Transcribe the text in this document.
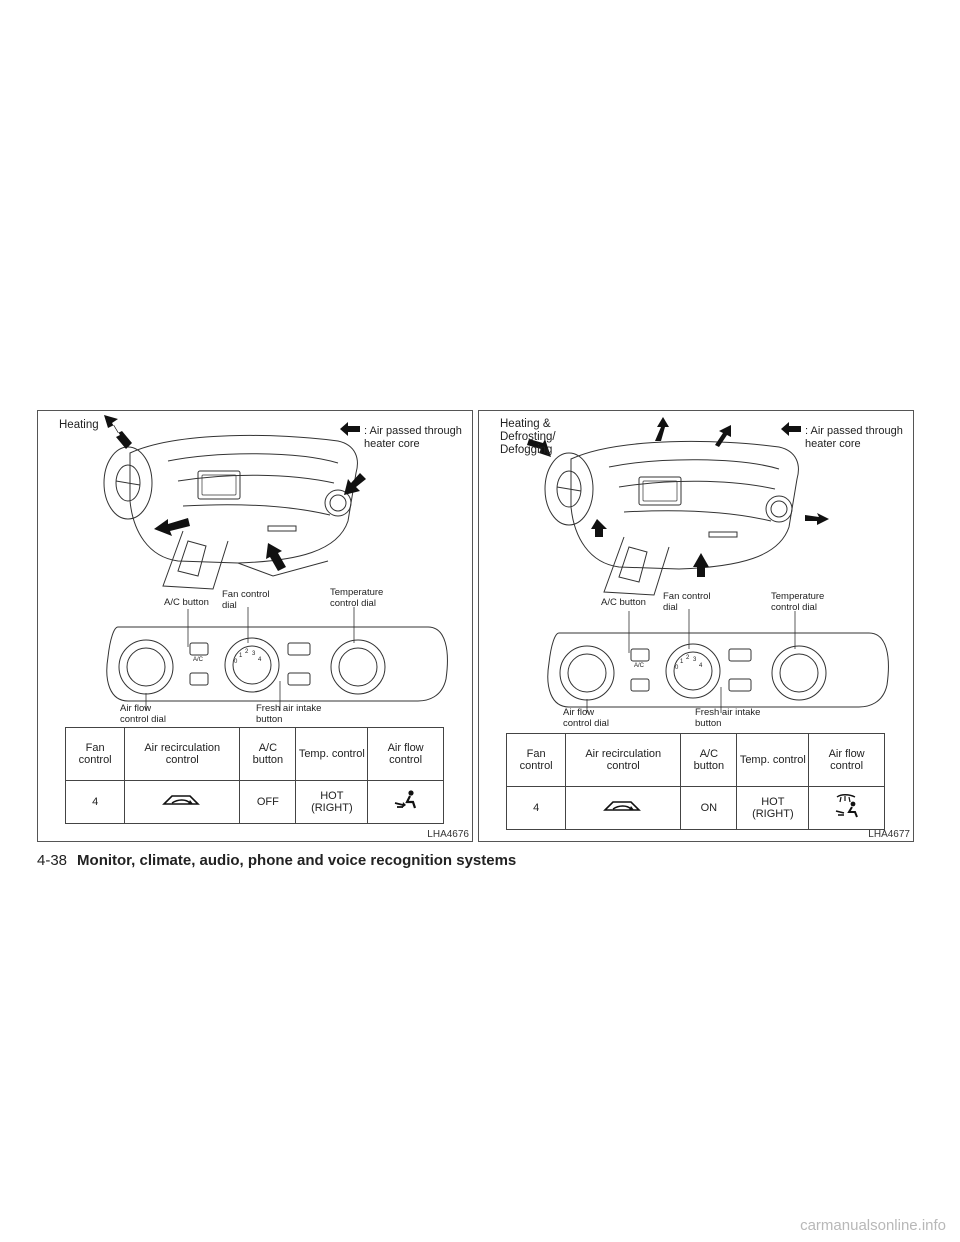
Heating	: Air passed through heater core
A/C button
Fan control dial
Temperature control dial
Air flow control dial
Fresh air intake button
A/C	0
1
2 3
4
Fan control	Air recirculation control	A/C button	Temp. control	Air flow control
4		OFF	HOT (RIGHT)	
LHA4676
Heating & Defrosting/ Defogging
: Air passed through heater core
A/C button
Fan control dial
Temperature control dial
Air flow control dial
Fresh air intake button
A/C	0
1
2 3
4
Fan control	Air recirculation control	A/C button	Temp. control	Air flow control
4		ON	HOT (RIGHT)	
LHA4677
4-38 Monitor, climate, audio, phone and voice recognition systems
carmanualsonline.info
